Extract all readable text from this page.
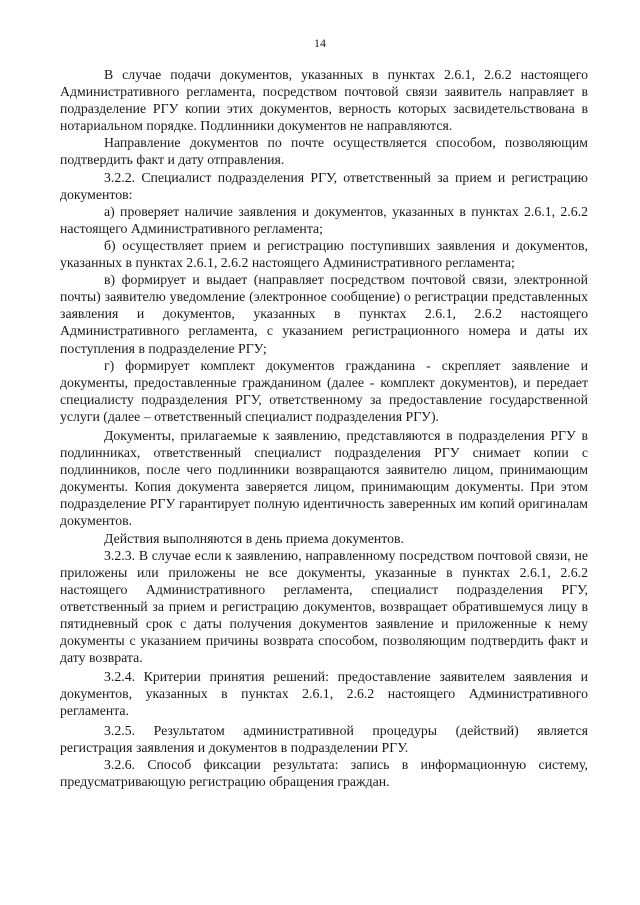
14

В случае подачи документов, указанных в пунктах 2.6.1, 2.6.2 настоящего Административного регламента, посредством почтовой связи заявитель направляет в подразделение РГУ копии этих документов, верность которых засвидетельствована в нотариальном порядке. Подлинники документов не направляются.

Направление документов по почте осуществляется способом, позволяющим подтвердить факт и дату отправления.

3.2.2. Специалист подразделения РГУ, ответственный за прием и регистрацию документов:

а) проверяет наличие заявления и документов, указанных в пунктах 2.6.1, 2.6.2 настоящего Административного регламента;

б) осуществляет прием и регистрацию поступивших заявления и документов, указанных в пунктах 2.6.1, 2.6.2 настоящего Административного регламента;

в) формирует и выдает (направляет посредством почтовой связи, электронной почты) заявителю уведомление (электронное сообщение) о регистрации представленных заявления и документов, указанных в пунктах 2.6.1, 2.6.2 настоящего Административного регламента, с указанием регистрационного номера и даты их поступления в подразделение РГУ;

г) формирует комплект документов гражданина - скрепляет заявление и документы, предоставленные гражданином (далее - комплект документов), и передает специалисту подразделения РГУ, ответственному за предоставление государственной услуги (далее – ответственный специалист подразделения РГУ).

Документы, прилагаемые к заявлению, представляются в подразделения РГУ в подлинниках, ответственный специалист подразделения РГУ снимает копии с подлинников, после чего подлинники возвращаются заявителю лицом, принимающим документы. Копия документа заверяется лицом, принимающим документы. При этом подразделение РГУ гарантирует полную идентичность заверенных им копий оригиналам документов.

Действия выполняются в день приема документов.

3.2.3. В случае если к заявлению, направленному посредством почтовой связи, не приложены или приложены не все документы, указанные в пунктах 2.6.1, 2.6.2 настоящего Административного регламента, специалист подразделения РГУ, ответственный за прием и регистрацию документов, возвращает обратившемуся лицу в пятидневный срок с даты получения документов заявление и приложенные к нему документы с указанием причины возврата способом, позволяющим подтвердить факт и дату возврата.

3.2.4. Критерии принятия решений: предоставление заявителем заявления и документов, указанных в пунктах 2.6.1, 2.6.2 настоящего Административного регламента.

3.2.5. Результатом административной процедуры (действий) является регистрация заявления и документов в подразделении РГУ.

3.2.6. Способ фиксации результата: запись в информационную систему, предусматривающую регистрацию обращения граждан.
